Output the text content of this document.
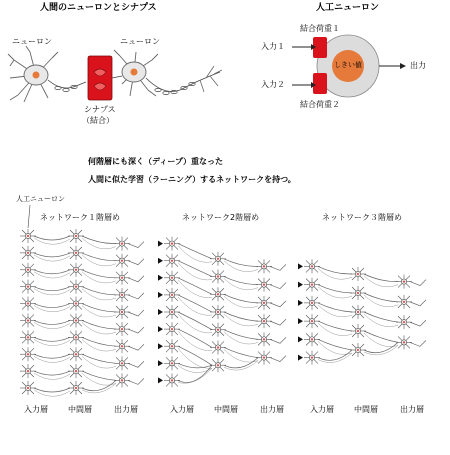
人間のニューロンとシナプス
ニューロン	ニューロン
シナプス
（結合）
人工ニューロン
結合荷重１
結合荷重２
入力１
入力２
しきい値	出力
何階層にも深く（ディープ）重なった
人間に似た学習（ラーニング）するネットワークを持つ。
人工ニューロン
ネットワーク１階層め	ネットワーク2階層め	ネットワーク３階層め
入力層	中間層	出力層	入力層	中間層	出力層	入力層	中間層	出力層
